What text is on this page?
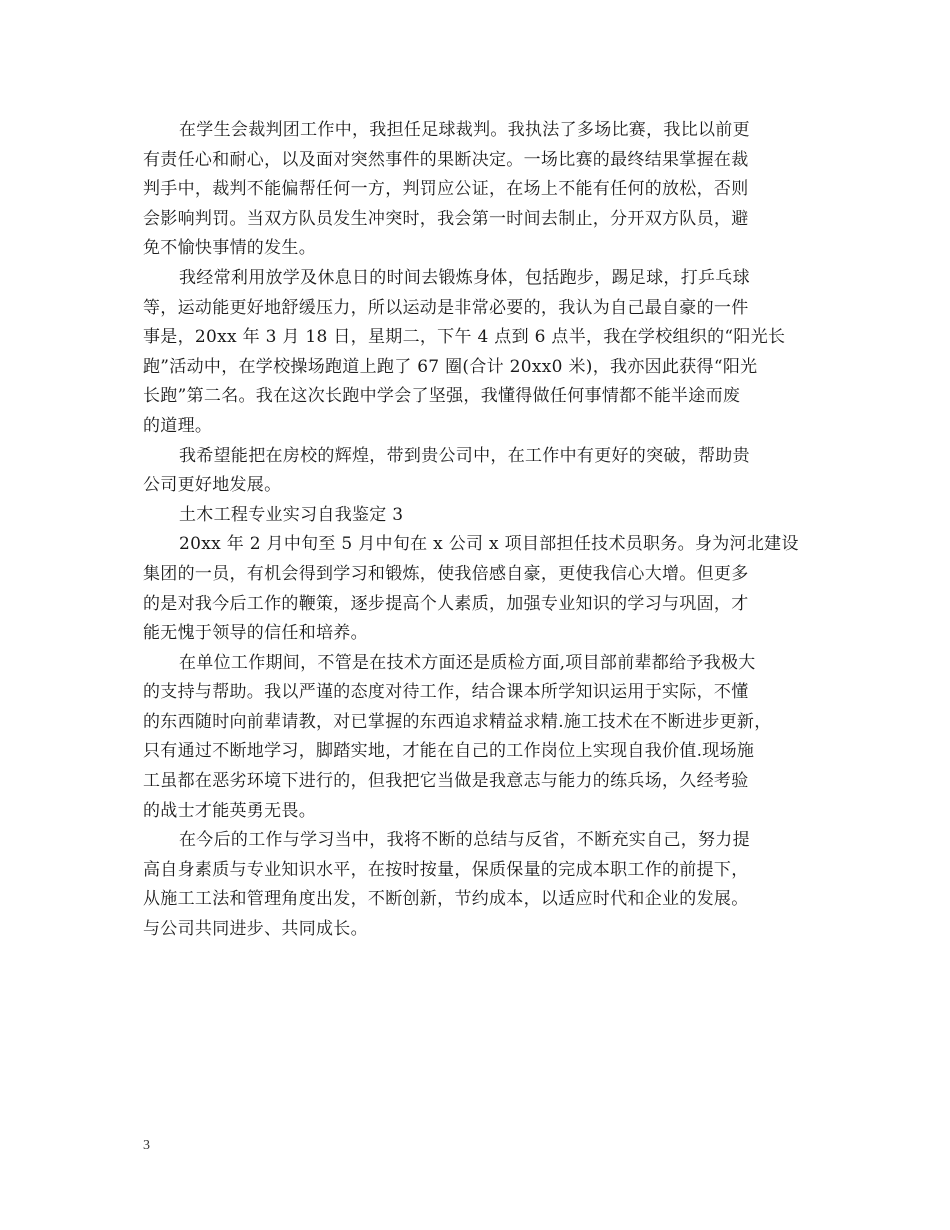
在学生会裁判团工作中，我担任足球裁判。我执法了多场比赛，我比以前更
有责任心和耐心，以及面对突然事件的果断决定。一场比赛的最终结果掌握在裁
判手中，裁判不能偏帮任何一方，判罚应公证，在场上不能有任何的放松，否则
会影响判罚。当双方队员发生冲突时，我会第一时间去制止，分开双方队员，避
免不愉快事情的发生。

我经常利用放学及休息日的时间去锻炼身体，包括跑步，踢足球，打乒乓球
等，运动能更好地舒缓压力，所以运动是非常必要的，我认为自己最自豪的一件
事是，20xx 年 3 月 18 日，星期二，下午 4 点到 6 点半，我在学校组织的“阳光长
跑”活动中，在学校操场跑道上跑了 67 圈(合计 20xx0 米)，我亦因此获得“阳光
长跑”第二名。我在这次长跑中学会了坚强，我懂得做任何事情都不能半途而废
的道理。

我希望能把在房校的辉煌，带到贵公司中，在工作中有更好的突破，帮助贵
公司更好地发展。

土木工程专业实习自我鉴定 3

20xx 年 2 月中旬至 5 月中旬在 x 公司 x 项目部担任技术员职务。身为河北建设
集团的一员，有机会得到学习和锻炼，使我倍感自豪，更使我信心大增。但更多
的是对我今后工作的鞭策，逐步提高个人素质，加强专业知识的学习与巩固，才
能无愧于领导的信任和培养。

在单位工作期间，不管是在技术方面还是质检方面,项目部前辈都给予我极大
的支持与帮助。我以严谨的态度对待工作，结合课本所学知识运用于实际，不懂
的东西随时向前辈请教，对已掌握的东西追求精益求精.施工技术在不断进步更新，
只有通过不断地学习，脚踏实地，才能在自己的工作岗位上实现自我价值.现场施
工虽都在恶劣环境下进行的，但我把它当做是我意志与能力的练兵场，久经考验
的战士才能英勇无畏。

在今后的工作与学习当中，我将不断的总结与反省，不断充实自己，努力提
高自身素质与专业知识水平，在按时按量，保质保量的完成本职工作的前提下，
从施工工法和管理角度出发，不断创新，节约成本，以适应时代和企业的发展。
与公司共同进步、共同成长。

3
